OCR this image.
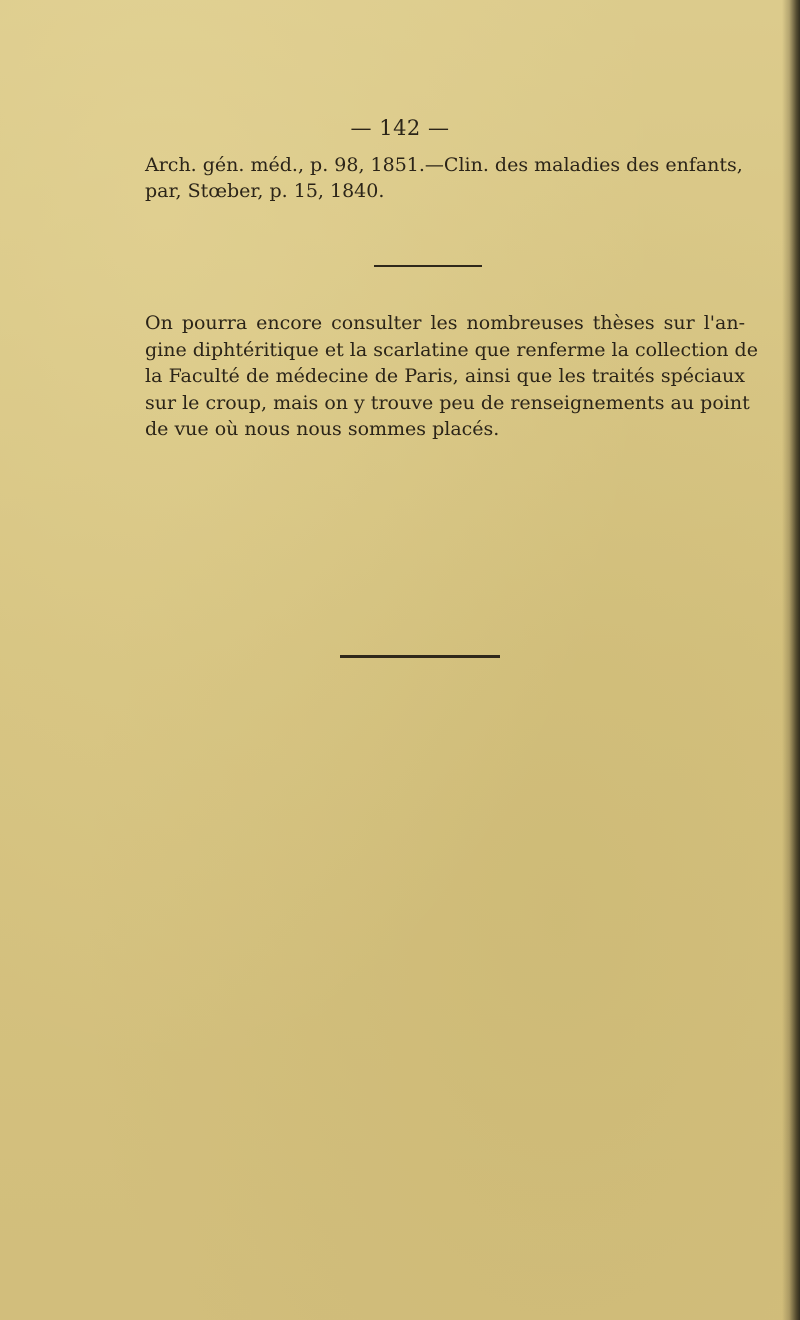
— 142 —
Arch. gén. méd., p. 98, 1851.—Clin. des maladies des enfants,
par, Stœber, p. 15, 1840.
On pourra encore consulter les nombreuses thèses sur l'an-
gine diphtéritique et la scarlatine que renferme la collection de
la Faculté de médecine de Paris, ainsi que les traités spéciaux
sur le croup, mais on y trouve peu de renseignements au point
de vue où nous nous sommes placés.
